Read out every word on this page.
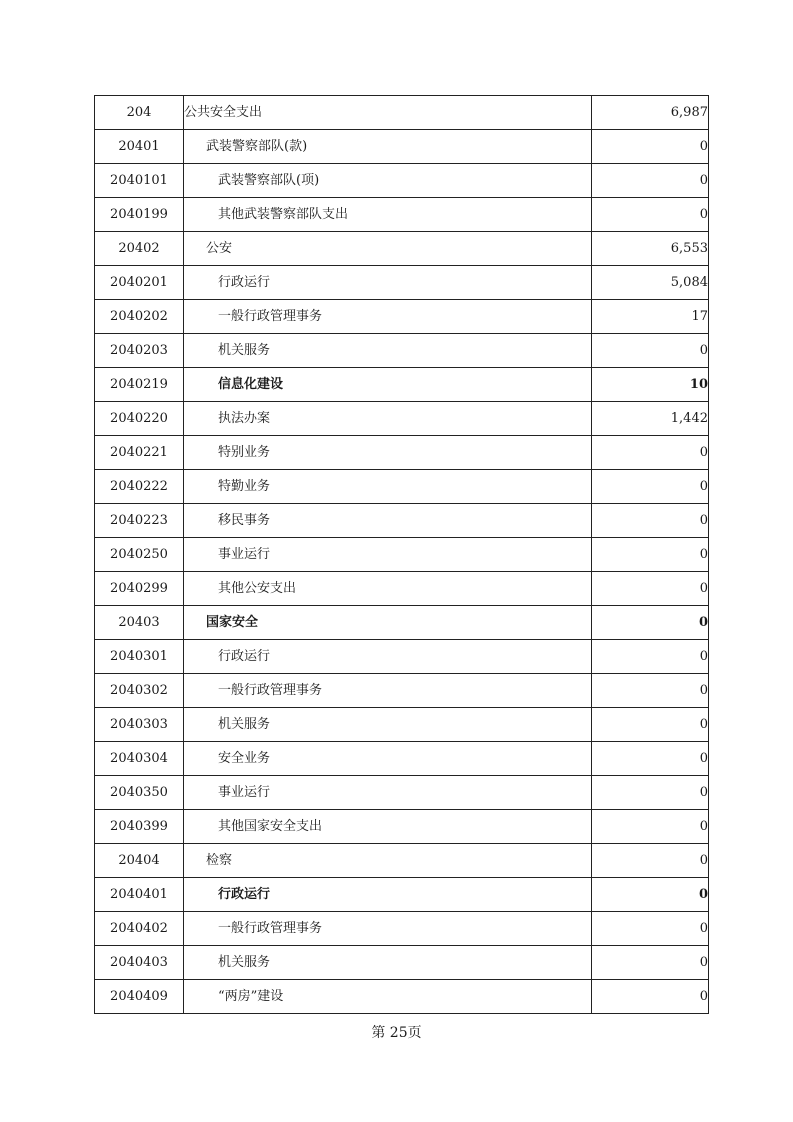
204	公共安全支出	6,987
20401	武装警察部队(款)	0
2040101	武装警察部队(项)	0
2040199	其他武装警察部队支出	0
20402	公安	6,553
2040201	行政运行	5,084
2040202	一般行政管理事务	17
2040203	机关服务	0
2040219	信息化建设	10
2040220	执法办案	1,442
2040221	特别业务	0
2040222	特勤业务	0
2040223	移民事务	0
2040250	事业运行	0
2040299	其他公安支出	0
20403	国家安全	0
2040301	行政运行	0
2040302	一般行政管理事务	0
2040303	机关服务	0
2040304	安全业务	0
2040350	事业运行	0
2040399	其他国家安全支出	0
20404	检察	0
2040401	行政运行	0
2040402	一般行政管理事务	0
2040403	机关服务	0
2040409	“两房”建设	0
第 25页
